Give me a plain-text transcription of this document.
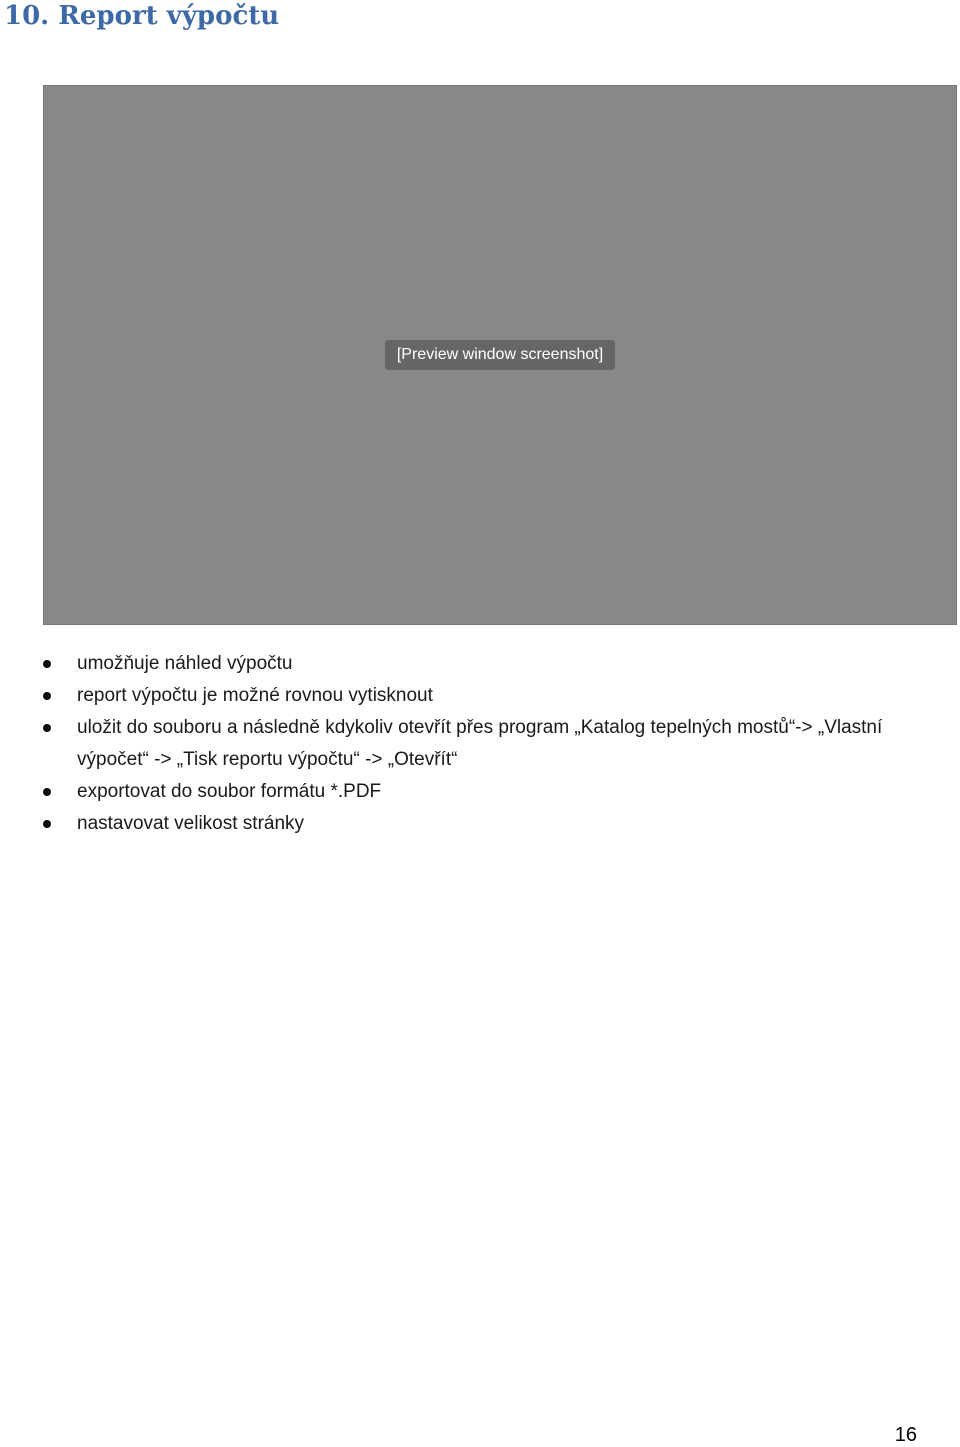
10. Report výpočtu
[Preview window screenshot]
umožňuje náhled výpočtu
report výpočtu je možné rovnou vytisknout
uložit do souboru a následně kdykoliv otevřít přes program „Katalog tepelných mostů“-> „Vlastní výpočet“ -> „Tisk reportu výpočtu“ -> „Otevřít“
exportovat do soubor formátu *.PDF
nastavovat velikost stránky
16
